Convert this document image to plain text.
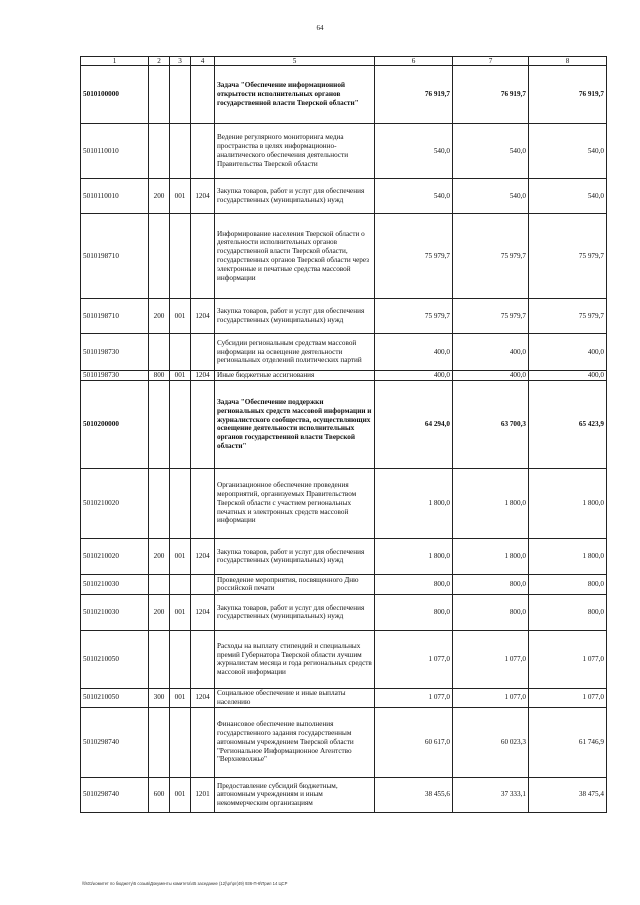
64
1	2	3	4	5	6	7	8
5010100000				Задача "Обеспечение информационной открытости исполнительных органов государственной власти Тверской области"	76 919,7	76 919,7	76 919,7
5010110010				Ведение регулярного мониторинга медиа пространства в целях информационно-аналитического обеспечения деятельности Правительства Тверской области	540,0	540,0	540,0
5010110010	200	001	1204	Закупка товаров, работ и услуг для обеспечения государственных (муниципальных) нужд	540,0	540,0	540,0
5010198710				Информирование населения Тверской области о деятельности исполнительных органов государственной власти Тверской области, государственных органов Тверской области через электронные и печатные средства массовой информации	75 979,7	75 979,7	75 979,7
5010198710	200	001	1204	Закупка товаров, работ и услуг для обеспечения государственных (муниципальных) нужд	75 979,7	75 979,7	75 979,7
5010198730				Субсидии региональным средствам массовой информации на освещение деятельности региональных отделений политических партий	400,0	400,0	400,0
5010198730	800	001	1204	Иные бюджетные ассигнования	400,0	400,0	400,0
5010200000				Задача "Обеспечение поддержки региональных средств массовой информации и журналистского сообщества, осуществляющих освещение деятельности исполнительных органов государственной власти Тверской области"	64 294,0	63 700,3	65 423,9
5010210020				Организационное обеспечение проведения мероприятий, организуемых Правительством Тверской области с участием региональных печатных и электронных средств массовой информации	1 800,0	1 800,0	1 800,0
5010210020	200	001	1204	Закупка товаров, работ и услуг для обеспечения государственных (муниципальных) нужд	1 800,0	1 800,0	1 800,0
5010210030				Проведение мероприятия, посвященного Дню российской печати	800,0	800,0	800,0
5010210030	200	001	1204	Закупка товаров, работ и услуг для обеспечения государственных (муниципальных) нужд	800,0	800,0	800,0
5010210050				Расходы на выплату стипендий и специальных премий Губернатора Тверской области лучшим журналистам месяца и года региональных средств массовой информации	1 077,0	1 077,0	1 077,0
5010210050	300	001	1204	Социальное обеспечение и иные выплаты населению	1 077,0	1 077,0	1 077,0
5010298740				Финансовое обеспечение выполнения государственного задания государственным автономным учреждением Тверской области "Региональное Информационное Агентство "Верхневолжье"	60 617,0	60 023,3	61 746,9
5010298740	600	001	1201	Предоставление субсидий бюджетным, автономным учреждениям и иным некоммерческим организациям	38 455,6	37 333,1	38 475,4
\\fs01\комитет по бюджету\5 созыв\Документы комитета\45 заседание (12)\рг\рг(49) 936-П-6\Прил 14 ЦСР
